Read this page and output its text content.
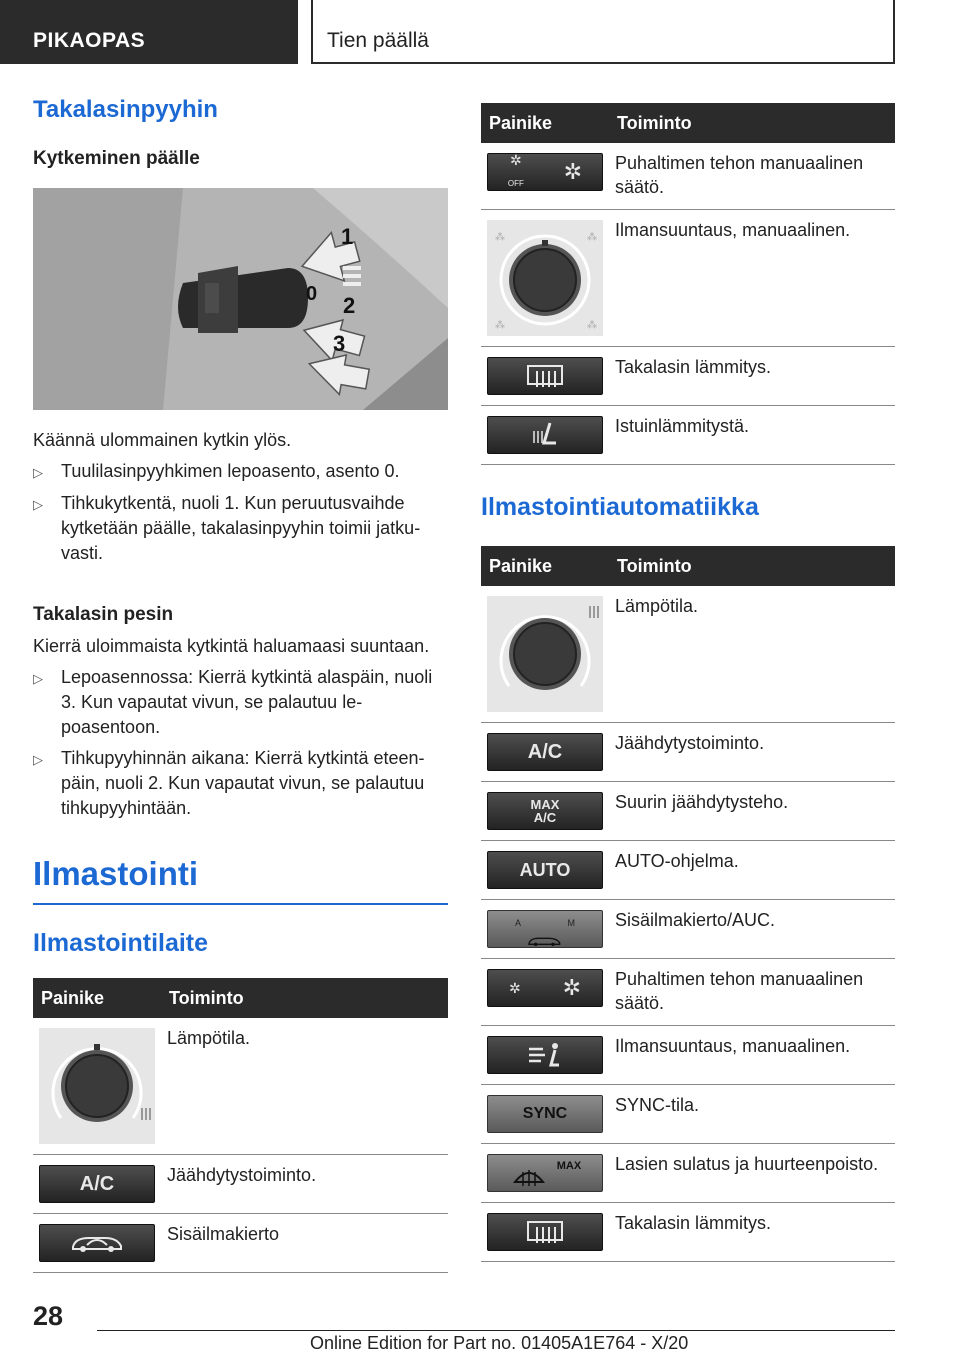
PIKAOPAS	Tien päällä
Takalasinpyyhin
Kytkeminen päälle
1
0 2
3

Käännä ulommainen kytkin ylös.

▷	Tuulilasinpyyhkimen lepoasento, asento 0.
▷	Tihkukytkentä, nuoli 1. Kun peruutusvaihde kytketään päälle, takalasinpyyhin toimii jatkuvasti.
Takalasin pesin

Kierrä uloimmaista kytkintä haluamaasi suuntaan.

▷	Lepoasennossa: Kierrä kytkintä alaspäin, nuoli 3. Kun vapautat vivun, se palautuu lepoasentoon.
▷	Tihkupyyhinnän aikana: Kierrä kytkintä eteenpäin, nuoli 2. Kun vapautat vivun, se palautuu tihkupyyhintään.
Ilmastointi
Ilmastointilaite
Painike	Toiminto

	Lämpötila.

A/C	Jäähdytystoiminto.

	Sisäilmakierto
Painike	Toiminto

✲
OFF ✲	Puhaltimen tehon manuaalinen säätö.

⁂ ⁂
⁂ ⁂	Ilmansuuntaus, manuaalinen.

	Takalasin lämmitys.

	Istuinlämmitystä.
Ilmastointiautomatiikka
Painike	Toiminto

	Lämpötila.

A/C	Jäähdytystoiminto.

MAX
A/C	Suurin jäähdytysteho.

AUTO	AUTO-ohjelma.

A M	Sisäilmakierto/AUC.

✲ ✲	Puhaltimen tehon manuaalinen säätö.

	Ilmansuuntaus, manuaalinen.

SYNC	SYNC-tila.

MAX	Lasien sulatus ja huurteenpoisto.

	Takalasin lämmitys.
28
Online Edition for Part no. 01405A1E764 - X/20
